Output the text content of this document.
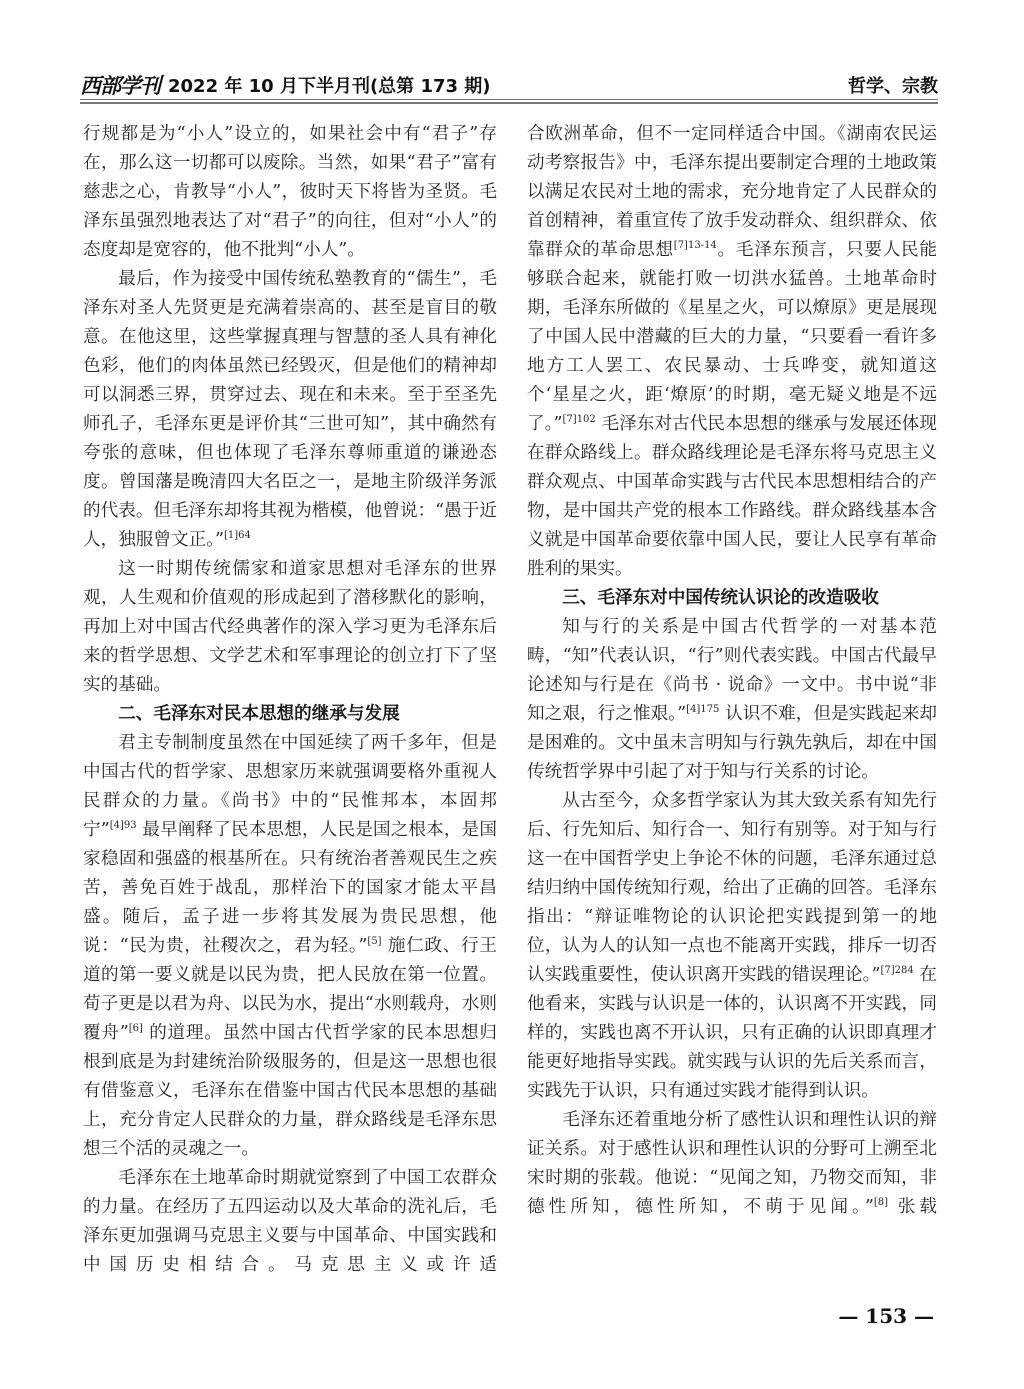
西部学刊 2022 年 10 月下半月刊(总第 173 期)	哲学、宗教

行规都是为“小人”设立的，如果社会中有“君子”存在，那么这一切都可以废除。当然，如果“君子”富有慈悲之心，肯教导“小人”，彼时天下将皆为圣贤。毛泽东虽强烈地表达了对“君子”的向往，但对“小人”的态度却是宽容的，他不批判“小人”。

最后，作为接受中国传统私塾教育的“儒生”，毛泽东对圣人先贤更是充满着崇高的、甚至是盲目的敬意。在他这里，这些掌握真理与智慧的圣人具有神化色彩，他们的肉体虽然已经毁灭，但是他们的精神却可以洞悉三界，贯穿过去、现在和未来。至于至圣先师孔子，毛泽东更是评价其“三世可知”，其中确然有夸张的意味，但也体现了毛泽东尊师重道的谦逊态度。曾国藩是晚清四大名臣之一，是地主阶级洋务派的代表。但毛泽东却将其视为楷模，他曾说：“愚于近人，独服曾文正。”$^{[1]64}$

这一时期传统儒家和道家思想对毛泽东的世界观，人生观和价值观的形成起到了潜移默化的影响，再加上对中国古代经典著作的深入学习更为毛泽东后来的哲学思想、文学艺术和军事理论的创立打下了坚实的基础。

二、毛泽东对民本思想的继承与发展

君主专制制度虽然在中国延续了两千多年，但是中国古代的哲学家、思想家历来就强调要格外重视人民群众的力量。《尚书》中的“民惟邦本，本固邦宁”$^{[4]93}$ 最早阐释了民本思想，人民是国之根本，是国家稳固和强盛的根基所在。只有统治者善观民生之疾苦，善免百姓于战乱，那样治下的国家才能太平昌盛。随后，孟子进一步将其发展为贵民思想，他说：“民为贵，社稷次之，君为轻。”[5] 施仁政、行王道的第一要义就是以民为贵，把人民放在第一位置。荀子更是以君为舟、以民为水，提出“水则载舟，水则覆舟”[6] 的道理。虽然中国古代哲学家的民本思想归根到底是为封建统治阶级服务的，但是这一思想也很有借鉴意义，毛泽东在借鉴中国古代民本思想的基础上，充分肯定人民群众的力量，群众路线是毛泽东思想三个活的灵魂之一。

毛泽东在土地革命时期就觉察到了中国工农群众的力量。在经历了五四运动以及大革命的洗礼后，毛泽东更加强调马克思主义要与中国革命、中国实践和中国历史相结合。马克思主义或许适

合欧洲革命，但不一定同样适合中国。《湖南农民运动考察报告》中，毛泽东提出要制定合理的土地政策以满足农民对土地的需求，充分地肯定了人民群众的首创精神，着重宣传了放手发动群众、组织群众、依靠群众的革命思想$^{[7]13-14}$。毛泽东预言，只要人民能够联合起来，就能打败一切洪水猛兽。土地革命时期，毛泽东所做的《星星之火，可以燎原》更是展现了中国人民中潜藏的巨大的力量，“只要看一看许多地方工人罢工、农民暴动、士兵哗变，就知道这个‘星星之火，距‘燎原’的时期，毫无疑义地是不远了。”$^{[7]102}$ 毛泽东对古代民本思想的继承与发展还体现在群众路线上。群众路线理论是毛泽东将马克思主义群众观点、中国革命实践与古代民本思想相结合的产物，是中国共产党的根本工作路线。群众路线基本含义就是中国革命要依靠中国人民，要让人民享有革命胜利的果实。

三、毛泽东对中国传统认识论的改造吸收

知与行的关系是中国古代哲学的一对基本范畴，“知”代表认识，“行”则代表实践。中国古代最早论述知与行是在《尚书 · 说命》一文中。书中说“非知之艰，行之惟艰。”$^{[4]175}$ 认识不难，但是实践起来却是困难的。文中虽未言明知与行孰先孰后，却在中国传统哲学界中引起了对于知与行关系的讨论。

从古至今，众多哲学家认为其大致关系有知先行后、行先知后、知行合一、知行有别等。对于知与行这一在中国哲学史上争论不休的问题，毛泽东通过总结归纳中国传统知行观，给出了正确的回答。毛泽东指出：“辩证唯物论的认识论把实践提到第一的地位，认为人的认知一点也不能离开实践，排斥一切否认实践重要性，使认识离开实践的错误理论。”$^{[7]284}$ 在他看来，实践与认识是一体的，认识离不开实践，同样的，实践也离不开认识，只有正确的认识即真理才能更好地指导实践。就实践与认识的先后关系而言，实践先于认识，只有通过实践才能得到认识。

毛泽东还着重地分析了感性认识和理性认识的辩证关系。对于感性认识和理性认识的分野可上溯至北宋时期的张载。他说：“见闻之知，乃物交而知，非德性所知，德性所知，不萌于见闻。”[8] 张载

— 153 —
